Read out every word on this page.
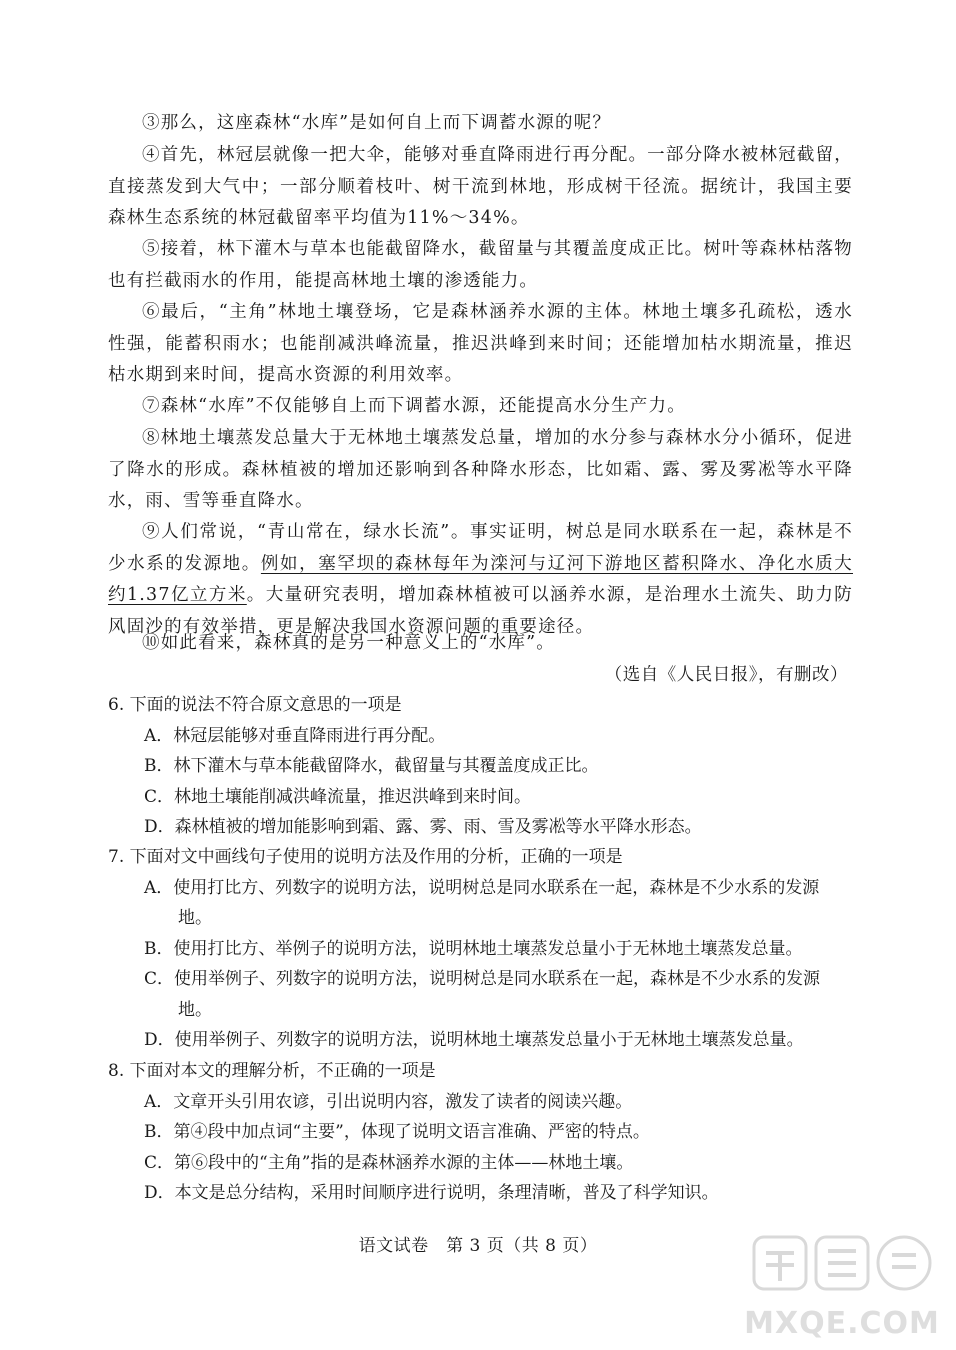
③那么，这座森林“水库”是如何自上而下调蓄水源的呢？

④首先，林冠层就像一把大伞，能够对垂直降雨进行再分配。一部分降水被林冠截留，直接蒸发到大气中；一部分顺着枝叶、树干流到林地，形成树干径流。据统计，我国主要森林生态系统的林冠截留率平均值为11%～34%。

⑤接着，林下灌木与草本也能截留降水，截留量与其覆盖度成正比。树叶等森林枯落物也有拦截雨水的作用，能提高林地土壤的渗透能力。

⑥最后，“主角”林地土壤登场，它是森林涵养水源的主体。林地土壤多孔疏松，透水性强，能蓄积雨水；也能削减洪峰流量，推迟洪峰到来时间；还能增加枯水期流量，推迟枯水期到来时间，提高水资源的利用效率。

⑦森林“水库”不仅能够自上而下调蓄水源，还能提高水分生产力。

⑧林地土壤蒸发总量大于无林地土壤蒸发总量，增加的水分参与森林水分小循环，促进了降水的形成。森林植被的增加还影响到各种降水形态，比如霜、露、雾及雾凇等水平降水，雨、雪等垂直降水。

⑨人们常说，“青山常在，绿水长流”。事实证明，树总是同水联系在一起，森林是不少水系的发源地。例如，塞罕坝的森林每年为滦河与辽河下游地区蓄积降水、净化水质大约1.37亿立方米。大量研究表明，增加森林植被可以涵养水源，是治理水土流失、助力防风固沙的有效举措，更是解决我国水资源问题的重要途径。

⑩如此看来，森林真的是另一种意义上的“水库”。

（选自《人民日报》，有删改）
6. 下面的说法不符合原文意思的一项是
A．林冠层能够对垂直降雨进行再分配。
B．林下灌木与草本能截留降水，截留量与其覆盖度成正比。
C．林地土壤能削减洪峰流量，推迟洪峰到来时间。
D．森林植被的增加能影响到霜、露、雾、雨、雪及雾凇等水平降水形态。
7. 下面对文中画线句子使用的说明方法及作用的分析，正确的一项是
A．使用打比方、列数字的说明方法，说明树总是同水联系在一起，森林是不少水系的发源地。
B．使用打比方、举例子的说明方法，说明林地土壤蒸发总量小于无林地土壤蒸发总量。
C．使用举例子、列数字的说明方法，说明树总是同水联系在一起，森林是不少水系的发源地。
D．使用举例子、列数字的说明方法，说明林地土壤蒸发总量小于无林地土壤蒸发总量。
8. 下面对本文的理解分析，不正确的一项是
A．文章开头引用农谚，引出说明内容，激发了读者的阅读兴趣。
B．第④段中加点词“主要”，体现了说明文语言准确、严密的特点。
C．第⑥段中的“主角”指的是森林涵养水源的主体——林地土壤。
D．本文是总分结构，采用时间顺序进行说明，条理清晰，普及了科学知识。
语文试卷　第 3 页（共 8 页）
MXQE.COM
